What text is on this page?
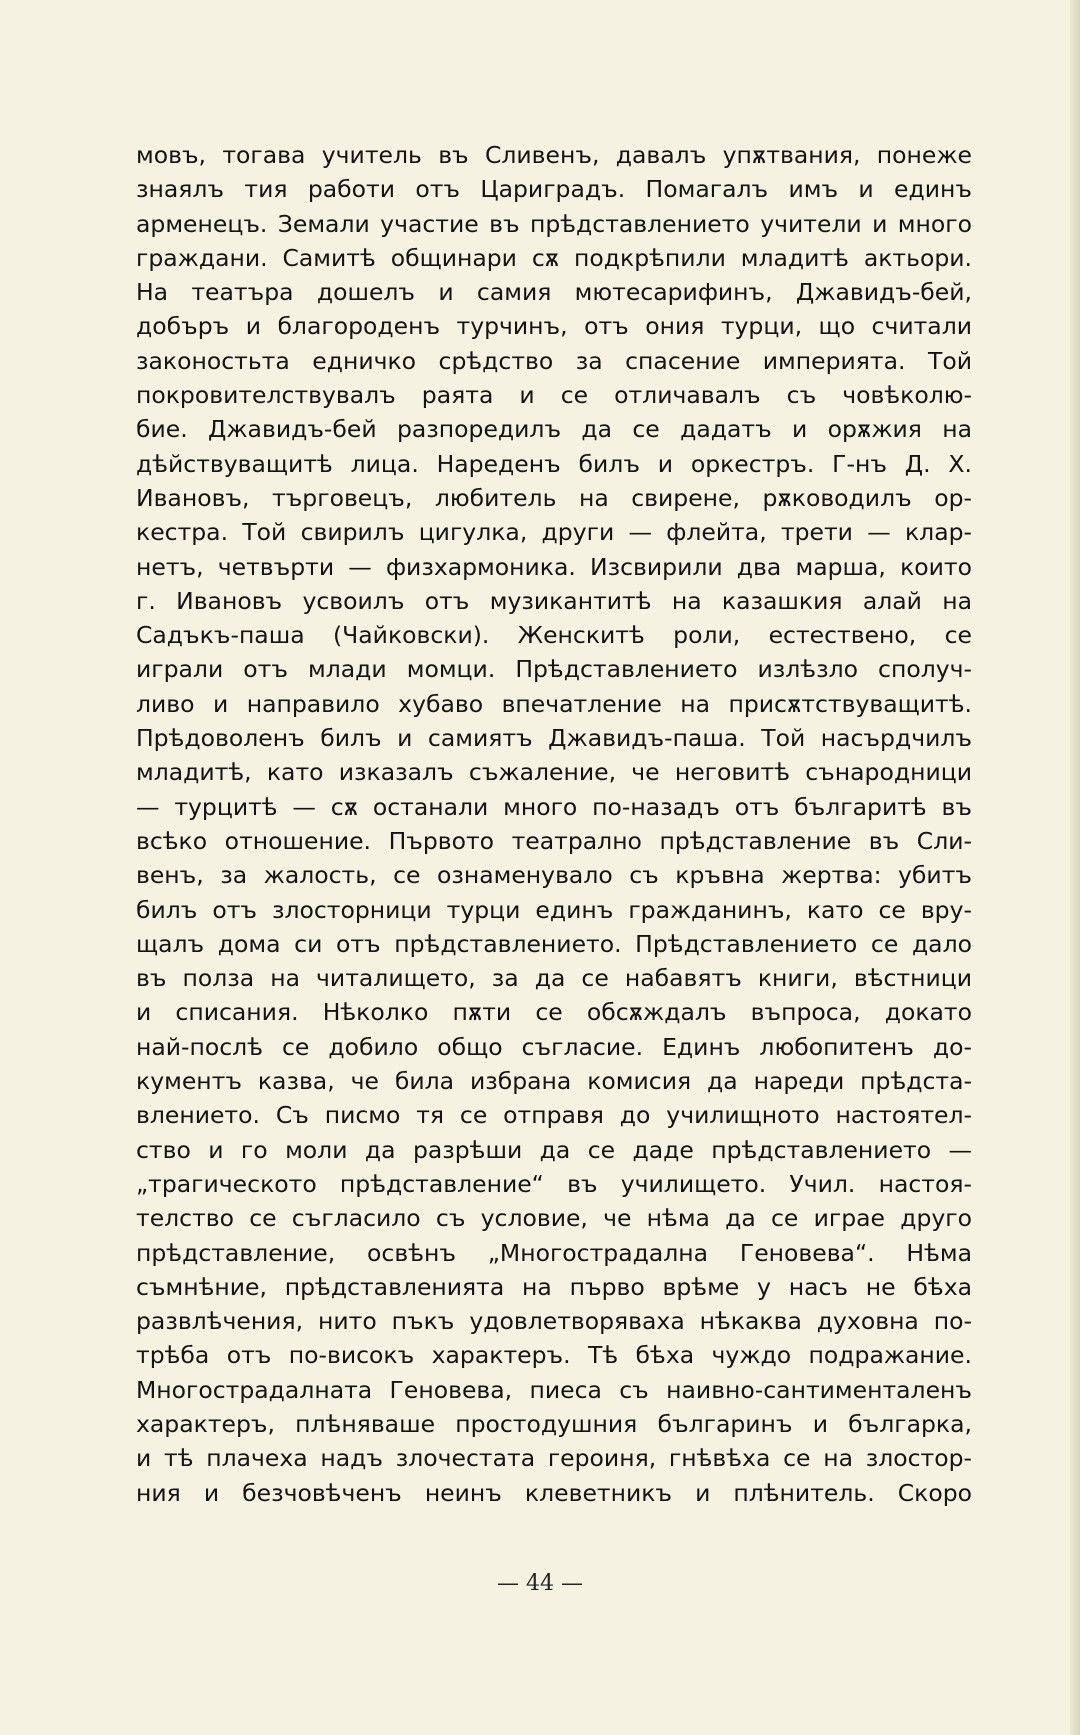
мовъ, тогава учитель въ Сливенъ, давалъ упѫтвания, понеже
знаялъ тия работи отъ Цариградъ. Помагалъ имъ и единъ
арменецъ. Земали участие въ прѣдставлението учители и много
граждани. Самитѣ общинари сѫ подкрѣпили младитѣ актьори.
На театъра дошелъ и самия мютесарифинъ, Джавидъ-бей,
добъръ и благороденъ турчинъ, отъ ония турци, що считали
законостьта едничко срѣдство за спасение империята. Той
покровителствувалъ раята и се отличавалъ съ човѣколю-
бие. Джавидъ-бей разпоредилъ да се дадатъ и орѫжия на
дѣйствуващитѣ лица. Нареденъ билъ и оркестръ. Г-нъ Д. Х.
Ивановъ, търговецъ, любитель на свирене, рѫководилъ ор-
кестра. Той свирилъ цигулка, други — флейта, трети — клар-
нетъ, четвърти — физхармоника. Изсвирили два марша, които
г. Ивановъ усвоилъ отъ музикантитѣ на казашкия алай на
Садъкъ-паша (Чайковски). Женскитѣ роли, естествено, се
играли отъ млади момци. Прѣдставлението излѣзло сполуч-
ливо и направило хубаво впечатление на присѫтствуващитѣ.
Прѣдоволенъ билъ и самиятъ Джавидъ-паша. Той насърдчилъ
младитѣ, като изказалъ съжаление, че неговитѣ сънародници
— турцитѣ — сѫ останали много по-назадъ отъ българитѣ въ
всѣко отношение. Първото театрално прѣдставление въ Сли-
венъ, за жалость, се ознаменувало съ кръвна жертва: убитъ
билъ отъ злосторници турци единъ гражданинъ, като се вру-
щалъ дома си отъ прѣдставлението. Прѣдставлението се дало
въ полза на читалището, за да се набавятъ книги, вѣстници
и списания. Нѣколко пѫти се обсѫждалъ въпроса, докато
най-послѣ се добило общо съгласие. Единъ любопитенъ до-
кументъ казва, че била избрана комисия да нареди прѣдста-
влението. Съ писмо тя се отправя до училищното настоятел-
ство и го моли да разрѣши да се даде прѣдставлението —
„трагическото прѣдставление“ въ училището. Учил. настоя-
телство се съгласило съ условие, че нѣма да се играе друго
прѣдставление, освѣнъ „Многострадална Геновева“. Нѣма
съмнѣние, прѣдставленията на първо врѣме у насъ не бѣха
развлѣчения, нито пъкъ удовлетворяваха нѣкаква духовна по-
трѣба отъ по-високъ характеръ. Тѣ бѣха чуждо подражание.
Многострадалната Геновева, пиеса съ наивно-сантименталенъ
характеръ, плѣняваше простодушния българинъ и българка,
и тѣ плачеха надъ злочестата героиня, гнѣвѣха се на злостор-
ния и безчовѣченъ неинъ клеветникъ и плѣнитель. Скоро
— 44 —
